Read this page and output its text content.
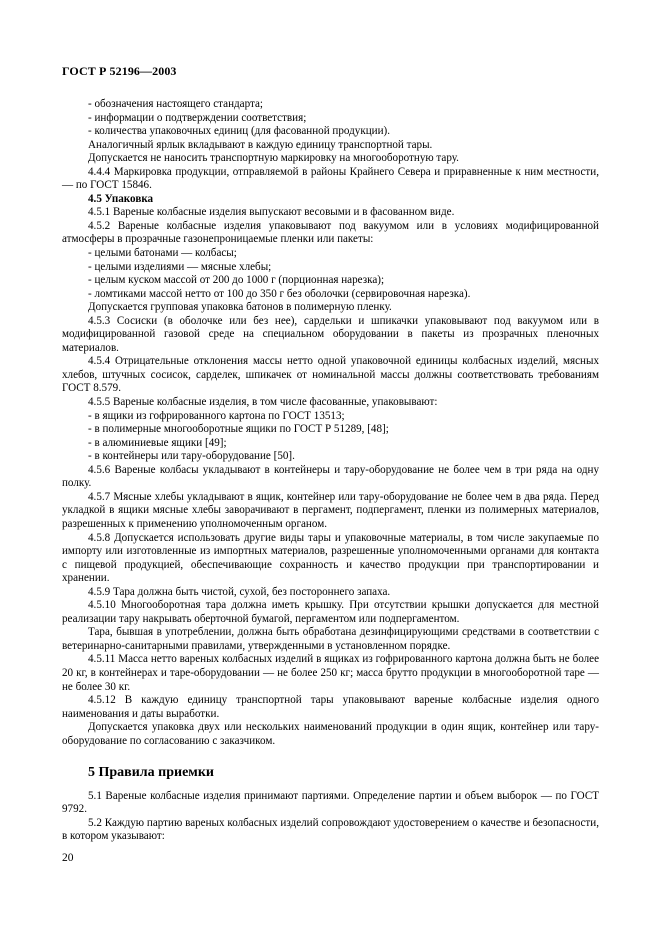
ГОСТ Р 52196—2003

- обозначения настоящего стандарта;

- информации о подтверждении соответствия;

- количества упаковочных единиц (для фасованной продукции).

Аналогичный ярлык вкладывают в каждую единицу транспортной тары.

Допускается не наносить транспортную маркировку на многооборотную тару.

4.4.4 Маркировка продукции, отправляемой в районы Крайнего Севера и приравненные к ним местности, — по ГОСТ 15846.

4.5 Упаковка

4.5.1 Вареные колбасные изделия выпускают весовыми и в фасованном виде.

4.5.2 Вареные колбасные изделия упаковывают под вакуумом или в условиях модифицированной атмосферы в прозрачные газонепроницаемые пленки или пакеты:

- целыми батонами — колбасы;

- целыми изделиями — мясные хлебы;

- целым куском массой от 200 до 1000 г (порционная нарезка);

- ломтиками массой нетто от 100 до 350 г без оболочки (сервировочная нарезка).

Допускается групповая упаковка батонов в полимерную пленку.

4.5.3 Сосиски (в оболочке или без нее), сардельки и шпикачки упаковывают под вакуумом или в модифицированной газовой среде на специальном оборудовании в пакеты из прозрачных пленочных материалов.

4.5.4 Отрицательные отклонения массы нетто одной упаковочной единицы колбасных изделий, мясных хлебов, штучных сосисок, сарделек, шпикачек от номинальной массы должны соответствовать требованиям ГОСТ 8.579.

4.5.5 Вареные колбасные изделия, в том числе фасованные, упаковывают:

- в ящики из гофрированного картона по ГОСТ 13513;

- в полимерные многооборотные ящики по ГОСТ Р 51289, [48];

- в алюминиевые ящики [49];

- в контейнеры или тару-оборудование [50].

4.5.6 Вареные колбасы укладывают в контейнеры и тару-оборудование не более чем в три ряда на одну полку.

4.5.7 Мясные хлебы укладывают в ящик, контейнер или тару-оборудование не более чем в два ряда. Перед укладкой в ящики мясные хлебы заворачивают в пергамент, подпергамент, пленки из полимерных материалов, разрешенных к применению уполномоченным органом.

4.5.8 Допускается использовать другие виды тары и упаковочные материалы, в том числе закупаемые по импорту или изготовленные из импортных материалов, разрешенные уполномоченными органами для контакта с пищевой продукцией, обеспечивающие сохранность и качество продукции при транспортировании и хранении.

4.5.9 Тара должна быть чистой, сухой, без постороннего запаха.

4.5.10 Многооборотная тара должна иметь крышку. При отсутствии крышки допускается для местной реализации тару накрывать оберточной бумагой, пергаментом или подпергаментом.

Тара, бывшая в употреблении, должна быть обработана дезинфицирующими средствами в соответствии с ветеринарно-санитарными правилами, утвержденными в установленном порядке.

4.5.11 Масса нетто вареных колбасных изделий в ящиках из гофрированного картона должна быть не более 20 кг, в контейнерах и таре-оборудовании — не более 250 кг; масса брутто продукции в многооборотной таре — не более 30 кг.

4.5.12 В каждую единицу транспортной тары упаковывают вареные колбасные изделия одного наименования и даты выработки.

Допускается упаковка двух или нескольких наименований продукции в один ящик, контейнер или тару-оборудование по согласованию с заказчиком.

5 Правила приемки

5.1 Вареные колбасные изделия принимают партиями. Определение партии и объем выборок — по ГОСТ 9792.

5.2 Каждую партию вареных колбасных изделий сопровождают удостоверением о качестве и безопасности, в котором указывают:

20
